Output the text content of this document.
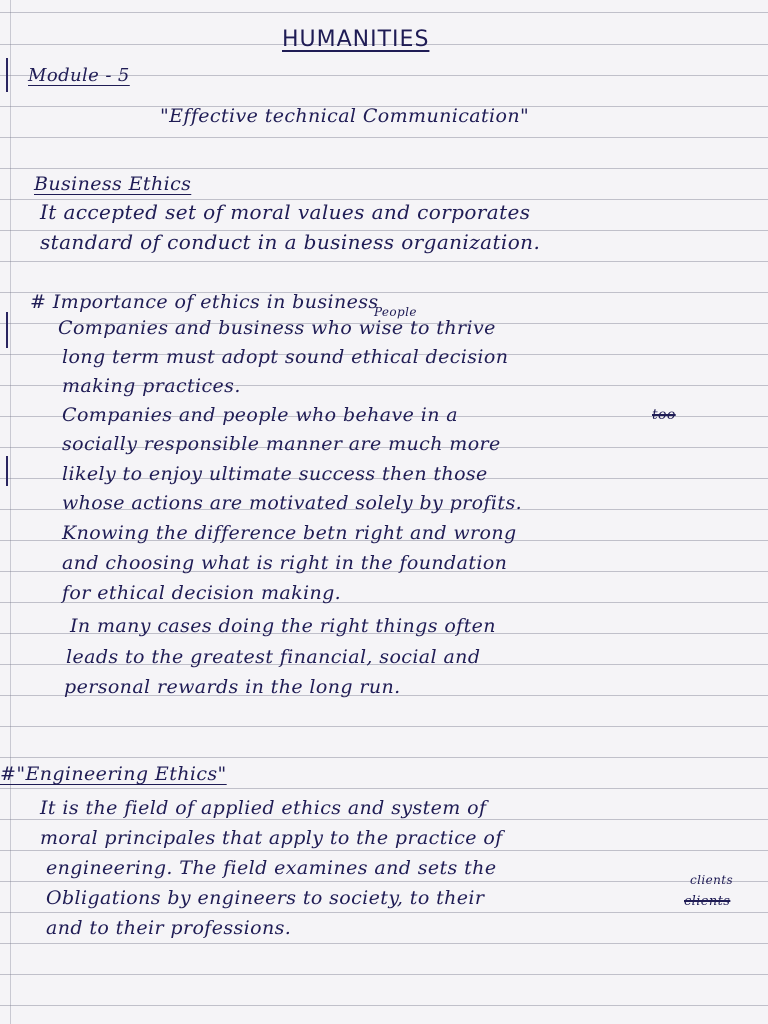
HUMANITIES
Module - 5
"Effective technical Communication"
Business Ethics
It accepted set of moral values and corporates
standard of conduct in a business organization.
# Importance of ethics in business
People
Companies and business who wise to thrive
long term must adopt sound ethical decision
making practices.
Companies and people who behave in a	too
socially responsible manner are much more
likely to enjoy ultimate success then those
whose actions are motivated solely by profits.
Knowing the difference betn right and wrong
and choosing what is right in the foundation
for ethical decision making.
In many cases doing the right things often
leads to the greatest financial, social and
personal rewards in the long run.
#"Engineering Ethics"
It is the field of applied ethics and system of
moral principales that apply to the practice of
engineering. The field examines and sets the
clients
Obligations by engineers to society, to their	clients
and to their professions.
